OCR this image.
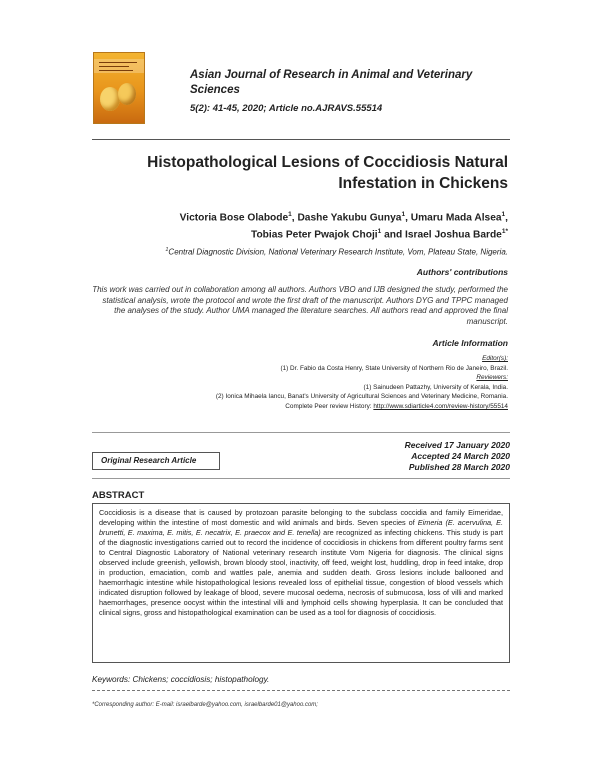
Asian Journal of Research in Animal and Veterinary Sciences
5(2): 41-45, 2020; Article no.AJRAVS.55514
Histopathological Lesions of Coccidiosis Natural Infestation in Chickens
Victoria Bose Olabode$^1$, Dashe Yakubu Gunya$^1$, Umaru Mada Alsea$^1$,
Tobias Peter Pwajok Choji$^1$ and Israel Joshua Barde$^{1*}$
$^1$Central Diagnostic Division, National Veterinary Research Institute, Vom, Plateau State, Nigeria.
Authors' contributions
This work was carried out in collaboration among all authors. Authors VBO and IJB designed the study, performed the statistical analysis, wrote the protocol and wrote the first draft of the manuscript. Authors DYG and TPPC managed the analyses of the study. Author UMA managed the literature searches. All authors read and approved the final manuscript.
Article Information
Editor(s):
(1) Dr. Fabio da Costa Henry, State University of Northern Rio de Janeiro, Brazil.
Reviewers:
(1) Sainudeen Pattazhy, University of Kerala, India.
(2) Ionica Mihaela Iancu, Banat's University of Agricultural Sciences and Veterinary Medicine, Romania.
Complete Peer review History: http://www.sdiarticle4.com/review-history/55514
Received 17 January 2020
Accepted 24 March 2020
Published 28 March 2020
Original Research Article
ABSTRACT
Coccidiosis is a disease that is caused by protozoan parasite belonging to the subclass coccidia and family Eimeridae, developing within the intestine of most domestic and wild animals and birds. Seven species of Eimeria (E. acervulina, E. brunetti, E. maxima, E. mitis, E. necatrix, E. praecox and E. tenella) are recognized as infecting chickens. This study is part of the diagnostic investigations carried out to record the incidence of coccidiosis in chickens from different poultry farms sent to Central Diagnostic Laboratory of National veterinary research institute Vom Nigeria for diagnosis. The clinical signs observed include greenish, yellowish, brown bloody stool, inactivity, off feed, weight lost, huddling, drop in feed intake, drop in production, emaciation, comb and wattles pale, anemia and sudden death. Gross lesions include ballooned and haemorrhagic intestine while histopathological lesions revealed loss of epithelial tissue, congestion of blood vessels which indicated disruption followed by leakage of blood, severe mucosal oedema, necrosis of submucosa, loss of villi and marked haemorrhages, presence oocyst within the intestinal villi and lymphoid cells showing hyperplasia. It can be concluded that clinical signs, gross and histopathological examination can be used as a tool for diagnosis of coccidiosis.
Keywords: Chickens; coccidiosis; histopathology.
*Corresponding author: E-mail: israelbarde@yahoo.com, israelbarde01@yahoo.com;
